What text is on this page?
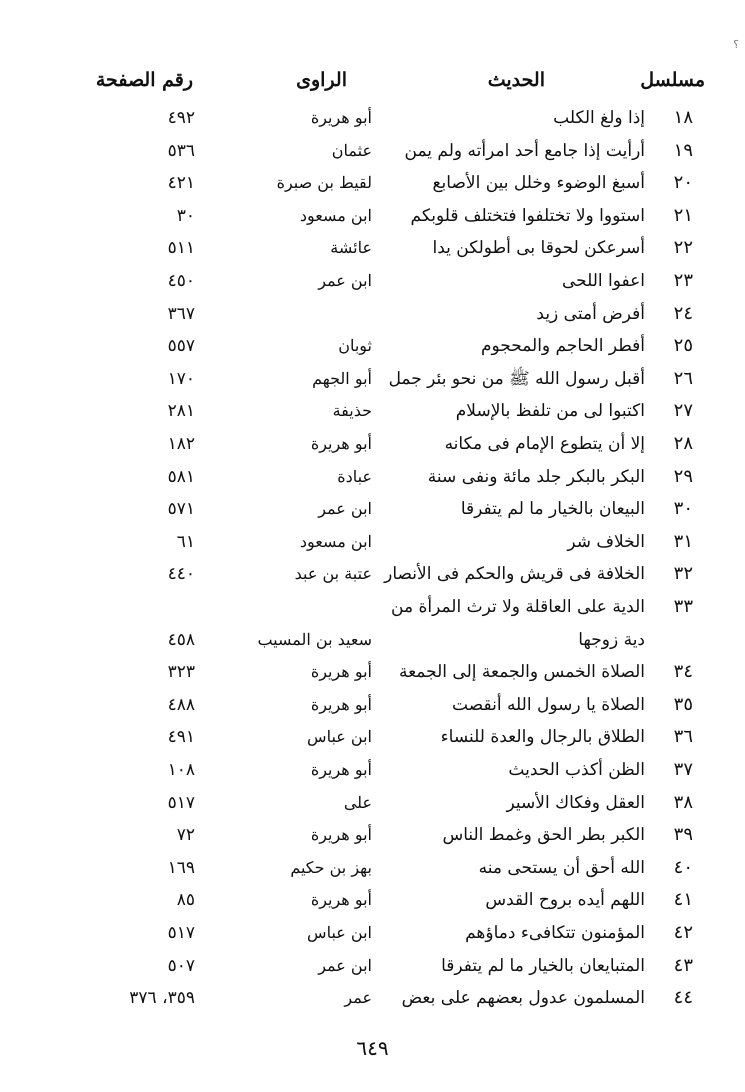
؟
مسلسل
الحديث
الراوى
رقم الصفحة
١٨
إذا ولغ الكلب
أبو هريرة
٤٩٢
١٩
أرأيت إذا جامع أحد امرأته ولم يمن
عثمان
٥٣٦
٢٠
أسبغ الوضوء وخلل بين الأصابع
لقيط بن صبرة
٤٢١
٢١
استووا ولا تختلفوا فتختلف قلوبكم
ابن مسعود
٣٠
٢٢
أسرعكن لحوقا بى أطولكن يدا
عائشة
٥١١
٢٣
اعفوا اللحى
ابن عمر
٤٥٠
٢٤
أفرض أمتى زيد
٣٦٧
٢٥
أفطر الحاجم والمحجوم
ثوبان
٥٥٧
٢٦
أقبل رسول الله ﷺ من نحو بئر جمل
أبو الجهم
١٧٠
٢٧
اكتبوا لى من تلفظ بالإسلام
حذيفة
٢٨١
٢٨
إلا أن يتطوع الإمام فى مكانه
أبو هريرة
١٨٢
٢٩
البكر بالبكر جلد مائة ونفى سنة
عبادة
٥٨١
٣٠
البيعان بالخيار ما لم يتفرقا
ابن عمر
٥٧١
٣١
الخلاف شر
ابن مسعود
٦١
٣٢
الخلافة فى قريش والحكم فى الأنصار
عتبة بن عبد
٤٤٠
٣٣
الدية على العاقلة ولا ترث المرأة من
دية زوجها
سعيد بن المسيب
٤٥٨
٣٤
الصلاة الخمس والجمعة إلى الجمعة
أبو هريرة
٣٢٣
٣٥
الصلاة يا رسول الله أنقصت
أبو هريرة
٤٨٨
٣٦
الطلاق بالرجال والعدة للنساء
ابن عباس
٤٩١
٣٧
الظن أكذب الحديث
أبو هريرة
١٠٨
٣٨
العقل وفكاك الأسير
على
٥١٧
٣٩
الكبر بطر الحق وغمط الناس
أبو هريرة
٧٢
٤٠
الله أحق أن يستحى منه
بهز بن حكيم
١٦٩
٤١
اللهم أيده بروح القدس
أبو هريرة
٨٥
٤٢
المؤمنون تتكافىء دماؤهم
ابن عباس
٥١٧
٤٣
المتبايعان بالخيار ما لم يتفرقا
ابن عمر
٥٠٧
٤٤
المسلمون عدول بعضهم على بعض
عمر
٣٥٩، ٣٧٦
٦٤٩
